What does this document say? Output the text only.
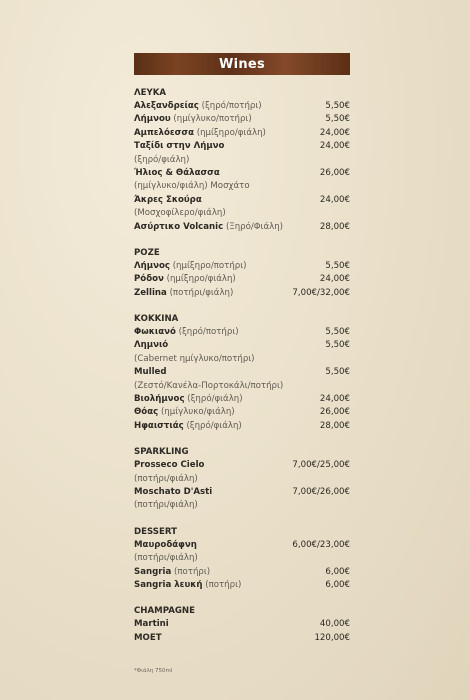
Wines
ΛΕΥΚΑ
Αλεξανδρείας (ξηρό/ποτήρι)	5,50€
Λήμνου (ημίγλυκο/ποτήρι)	5,50€
Αμπελόεσσα (ημίξηρο/φιάλη)	24,00€
Ταξίδι στην Λήμνο	24,00€
(ξηρό/φιάλη)
Ήλιος & Θάλασσα	26,00€
(ημίγλυκο/φιάλη) Μοσχάτο
Άκρες Σκούρα	24,00€
(Μοσχοφίλερο/φιάλη)
Ασύρτικο Volcanic (Ξηρό/Φιάλη)	28,00€
ΡΟΖΕ
Λήμνος (ημίξηρο/ποτήρι)	5,50€
Ρόδον (ημίξηρο/φιάλη)	24,00€
Zellina (ποτήρι/φιάλη)	7,00€/32,00€
ΚΟΚΚΙΝΑ
Φωκιανό (ξηρό/ποτήρι)	5,50€
Λημνιό	5,50€
(Cabernet ημίγλυκο/ποτήρι)
Mulled	5,50€
(Ζεστό/Κανέλα-Πορτοκάλι/ποτήρι)
Βιολήμνος (ξηρό/φιάλη)	24,00€
Θόας (ημίγλυκο/φιάλη)	26,00€
Ηφαιστιάς (ξηρό/φιάλη)	28,00€
SPARKLING
Prosseco Cielo	7,00€/25,00€
(ποτήρι/φιάλη)
Moschato D'Asti	7,00€/26,00€
(ποτήρι/φιάλη)
DESSERT
Μαυροδάφνη	6,00€/23,00€
(ποτήρι/φιάλη)
Sangria (ποτήρι)	6,00€
Sangria λευκή (ποτήρι)	6,00€
CHAMPAGNE
Martini	40,00€
MOET	120,00€
*Φιάλη 750ml
